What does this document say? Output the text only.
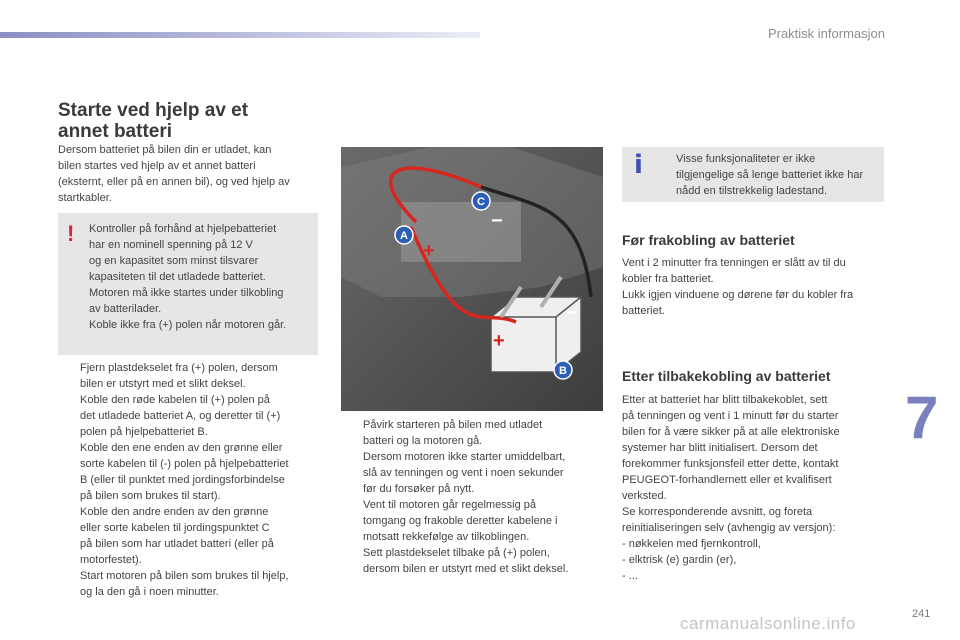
Praktisk informasjon
Starte ved hjelp av et
annet batteri
Dersom batteriet på bilen din er utladet, kan
bilen startes ved hjelp av et annet batteri
(eksternt, eller på en annen bil), og ved hjelp av
startkabler.
! Kontroller på forhånd at hjelpebatteriet
har en nominell spenning på 12 V
og en kapasitet som minst tilsvarer
kapasiteten til det utladede batteriet.
Motoren må ikke startes under tilkobling
av batterilader.
Koble ikke fra (+) polen når motoren går.
Fjern plastdekselet fra (+) polen, dersom
bilen er utstyrt med et slikt deksel.
Koble den røde kabelen til (+) polen på
det utladede batteriet A, og deretter til (+)
polen på hjelpebatteriet B.
Koble den ene enden av den grønne eller
sorte kabelen til (-) polen på hjelpebatteriet
B (eller til punktet med jordingsforbindelse
på bilen som brukes til start).
Koble den andre enden av den grønne
eller sorte kabelen til jordingspunktet C
på bilen som har utladet batteri (eller på
motorfestet).
Start motoren på bilen som brukes til hjelp,
og la den gå i noen minutter.
A
C
B
+
−
+
−
Påvirk starteren på bilen med utladet
batteri og la motoren gå.
Dersom motoren ikke starter umiddelbart,
slå av tenningen og vent i noen sekunder
før du forsøker på nytt.
Vent til motoren går regelmessig på
tomgang og frakoble deretter kabelene i
motsatt rekkefølge av tilkoblingen.
Sett plastdekselet tilbake på (+) polen,
dersom bilen er utstyrt med et slikt deksel.
i	Visse funksjonaliteter er ikke
tilgjengelige så lenge batteriet ikke har
nådd en tilstrekkelig ladestand.
Før frakobling av batteriet
Vent i 2 minutter fra tenningen er slått av til du
kobler fra batteriet.
Lukk igjen vinduene og dørene før du kobler fra
batteriet.
Etter tilbakekobling av batteriet
Etter at batteriet har blitt tilbakekoblet, sett
på tenningen og vent i 1 minutt før du starter
bilen for å være sikker på at alle elektroniske
systemer har blitt initialisert. Dersom det
forekommer funksjonsfeil etter dette, kontakt
PEUGEOT-forhandlernett eller et kvalifisert
verksted.
Se korresponderende avsnitt, og foreta
reinitialiseringen selv (avhengig av versjon):
- nøkkelen med fjernkontroll,
- elktrisk (e) gardin (er),
- ...
7
241
carmanualsonline.info
